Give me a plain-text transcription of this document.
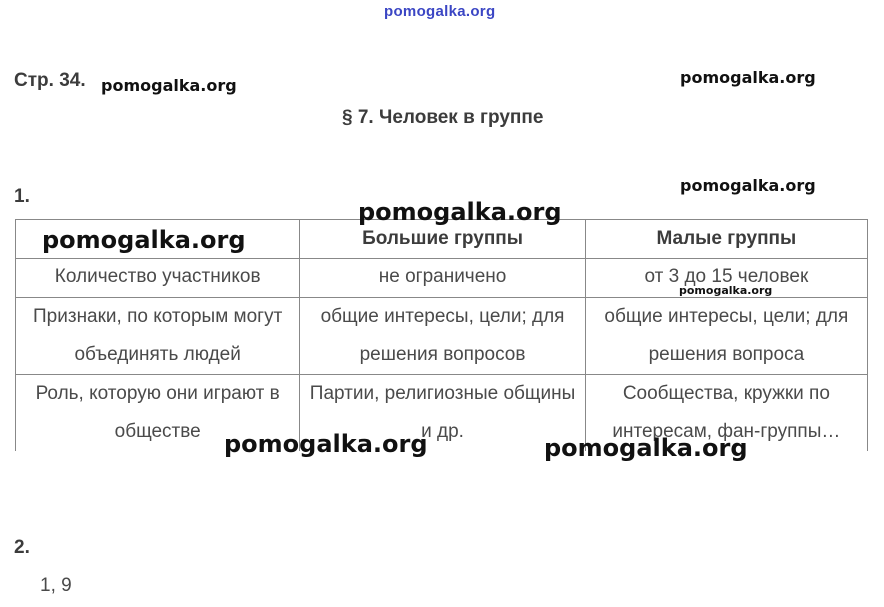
pomogalka.org
Стр. 34. pomogalka.org	pomogalka.org
§ 7. Человек в группе
1.
pomogalka.org
	Большие группы	Малые группы
Количество участников	не ограничено	от 3 до 15 человек
Признаки, по которым могут объединять людей	общие интересы, цели; для решения вопросов	общие интересы, цели; для решения вопроса
Роль, которую они играют в обществе	Партии, религиозные общины и др.	Сообщества, кружки по интересам, фан-группы…
pomogalka.org
pomogalka.org
pomogalka.org
pomogalka.org	pomogalka.org
2.
1, 9
